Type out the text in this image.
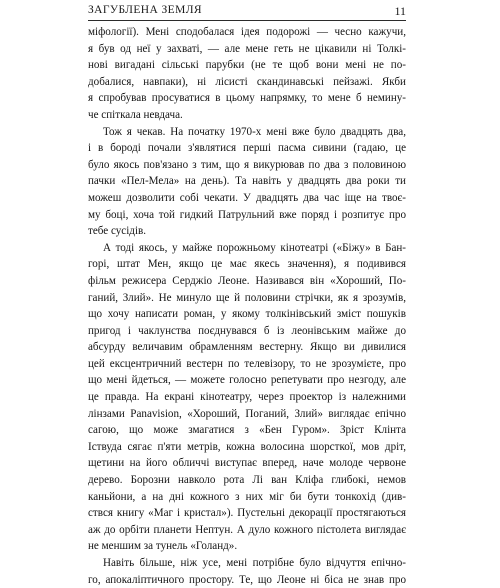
ЗАГУБЛЕНА ЗЕМЛЯ	11
міфології). Мені сподобалася ідея подорожі — чесно кажучи,
я був од неї у захваті, — але мене геть не цікавили ні Толкі-
нові вигадані сільські парубки (не те щоб вони мені не по-
добалися, навпаки), ні лісисті скандинавські пейзажі. Якби
я спробував просуватися в цьому напрямку, то мене б немину-
че спіткала невдача.
Тож я чекав. На початку 1970-х мені вже було двадцять два,
і в бороді почали з'являтися перші пасма сивини (гадаю, це
було якось пов'язано з тим, що я викурював по два з половиною
пачки «Пел-Мела» на день). Та навіть у двадцять два роки ти
можеш дозволити собі чекати. У двадцять два час іще на твоє-
му боці, хоча той гидкий Патрульний вже поряд і розпитує про
тебе сусідів.
А тоді якось, у майже порожньому кінотеатрі («Біжу» в Бан-
горі, штат Мен, якщо це має якесь значення), я подивився
фільм режисера Серджіо Леоне. Називався він «Хороший, По-
ганий, Злий». Не минуло ще й половини стрічки, як я зрозумів,
що хочу написати роман, у якому толкінівський зміст пошуків
пригод і чаклунства поєднувався б із леонівським майже до
абсурду величавим обрамленням вестерну. Якщо ви дивилися
цей ексцентричний вестерн по телевізору, то не зрозумієте, про
що мені йдеться, — можете голосно репетувати про незгоду, але
це правда. На екрані кінотеатру, через проектор із належними
лінзами Panavision, «Хороший, Поганий, Злий» виглядає епічно
сагою, що може змагатися з «Бен Гуром». Зріст Клінта
Іствуда сягає п'яти метрів, кожна волосина шорсткої, мов дріт,
щетини на його обличчі виступає вперед, наче молоде червоне
дерево. Борозни навколо рота Лі ван Кліфа глибокі, немов
каньйони, а на дні кожного з них міг би бути тонкохід (див-
ствся книгу «Маг і кристал»). Пустельні декорації простягаються
аж до орбіти планети Нептун. А дуло кожного пістолета виглядає
не меншим за тунель «Голанд».
Навіть більше, ніж усе, мені потрібне було відчуття епічно-
го, апокаліптичного простору. Те, що Леоне ні біса не знав про
